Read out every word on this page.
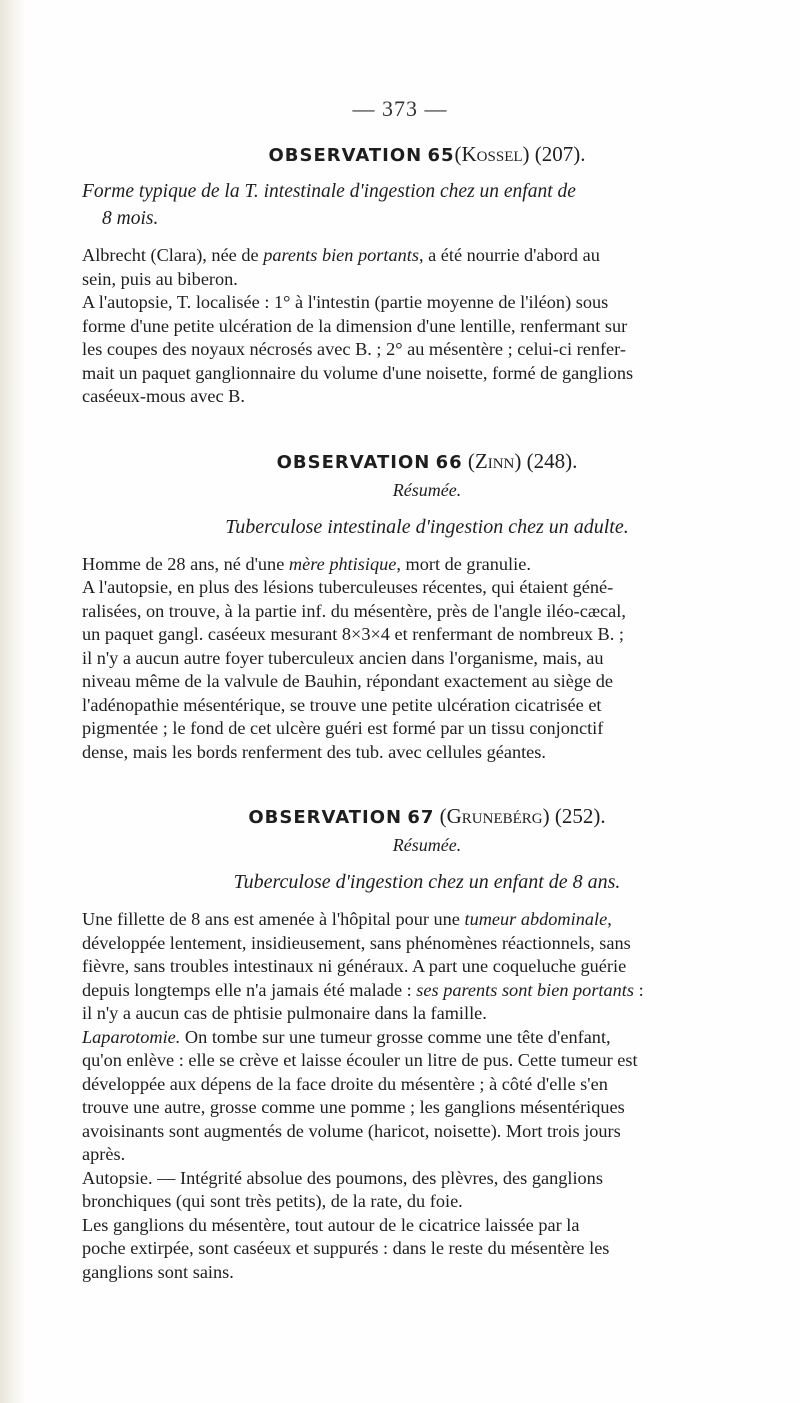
— 373 —

OBSERVATION 65(Kossel) (207).

Forme typique de la T. intestinale d'ingestion chez un enfant de
8 mois.

Albrecht (Clara), née de parents bien portants, a été nourrie d'abord au
sein, puis au biberon.
A l'autopsie, T. localisée : 1° à l'intestin (partie moyenne de l'iléon) sous
forme d'une petite ulcération de la dimension d'une lentille, renfermant sur
les coupes des noyaux nécrosés avec B. ; 2° au mésentère ; celui-ci renfer-
mait un paquet ganglionnaire du volume d'une noisette, formé de ganglions
caséeux-mous avec B.

OBSERVATION 66 (Zinn) (248).

Résumée.

Tuberculose intestinale d'ingestion chez un adulte.

Homme de 28 ans, né d'une mère phtisique, mort de granulie.
A l'autopsie, en plus des lésions tuberculeuses récentes, qui étaient géné-
ralisées, on trouve, à la partie inf. du mésentère, près de l'angle iléo-cæcal,
un paquet gangl. caséeux mesurant 8×3×4 et renfermant de nombreux B. ;
il n'y a aucun autre foyer tuberculeux ancien dans l'organisme, mais, au
niveau même de la valvule de Bauhin, répondant exactement au siège de
l'adénopathie mésentérique, se trouve une petite ulcération cicatrisée et
pigmentée ; le fond de cet ulcère guéri est formé par un tissu conjonctif
dense, mais les bords renferment des tub. avec cellules géantes.

OBSERVATION 67 (Grunebérg) (252).

Résumée.

Tuberculose d'ingestion chez un enfant de 8 ans.

Une fillette de 8 ans est amenée à l'hôpital pour une tumeur abdominale,
développée lentement, insidieusement, sans phénomènes réactionnels, sans
fièvre, sans troubles intestinaux ni généraux. A part une coqueluche guérie
depuis longtemps elle n'a jamais été malade : ses parents sont bien portants :
il n'y a aucun cas de phtisie pulmonaire dans la famille.
Laparotomie. On tombe sur une tumeur grosse comme une tête d'enfant,
qu'on enlève : elle se crève et laisse écouler un litre de pus. Cette tumeur est
développée aux dépens de la face droite du mésentère ; à côté d'elle s'en
trouve une autre, grosse comme une pomme ; les ganglions mésentériques
avoisinants sont augmentés de volume (haricot, noisette). Mort trois jours
après.
Autopsie. — Intégrité absolue des poumons, des plèvres, des ganglions
bronchiques (qui sont très petits), de la rate, du foie.
Les ganglions du mésentère, tout autour de le cicatrice laissée par la
poche extirpée, sont caséeux et suppurés : dans le reste du mésentère les
ganglions sont sains.
